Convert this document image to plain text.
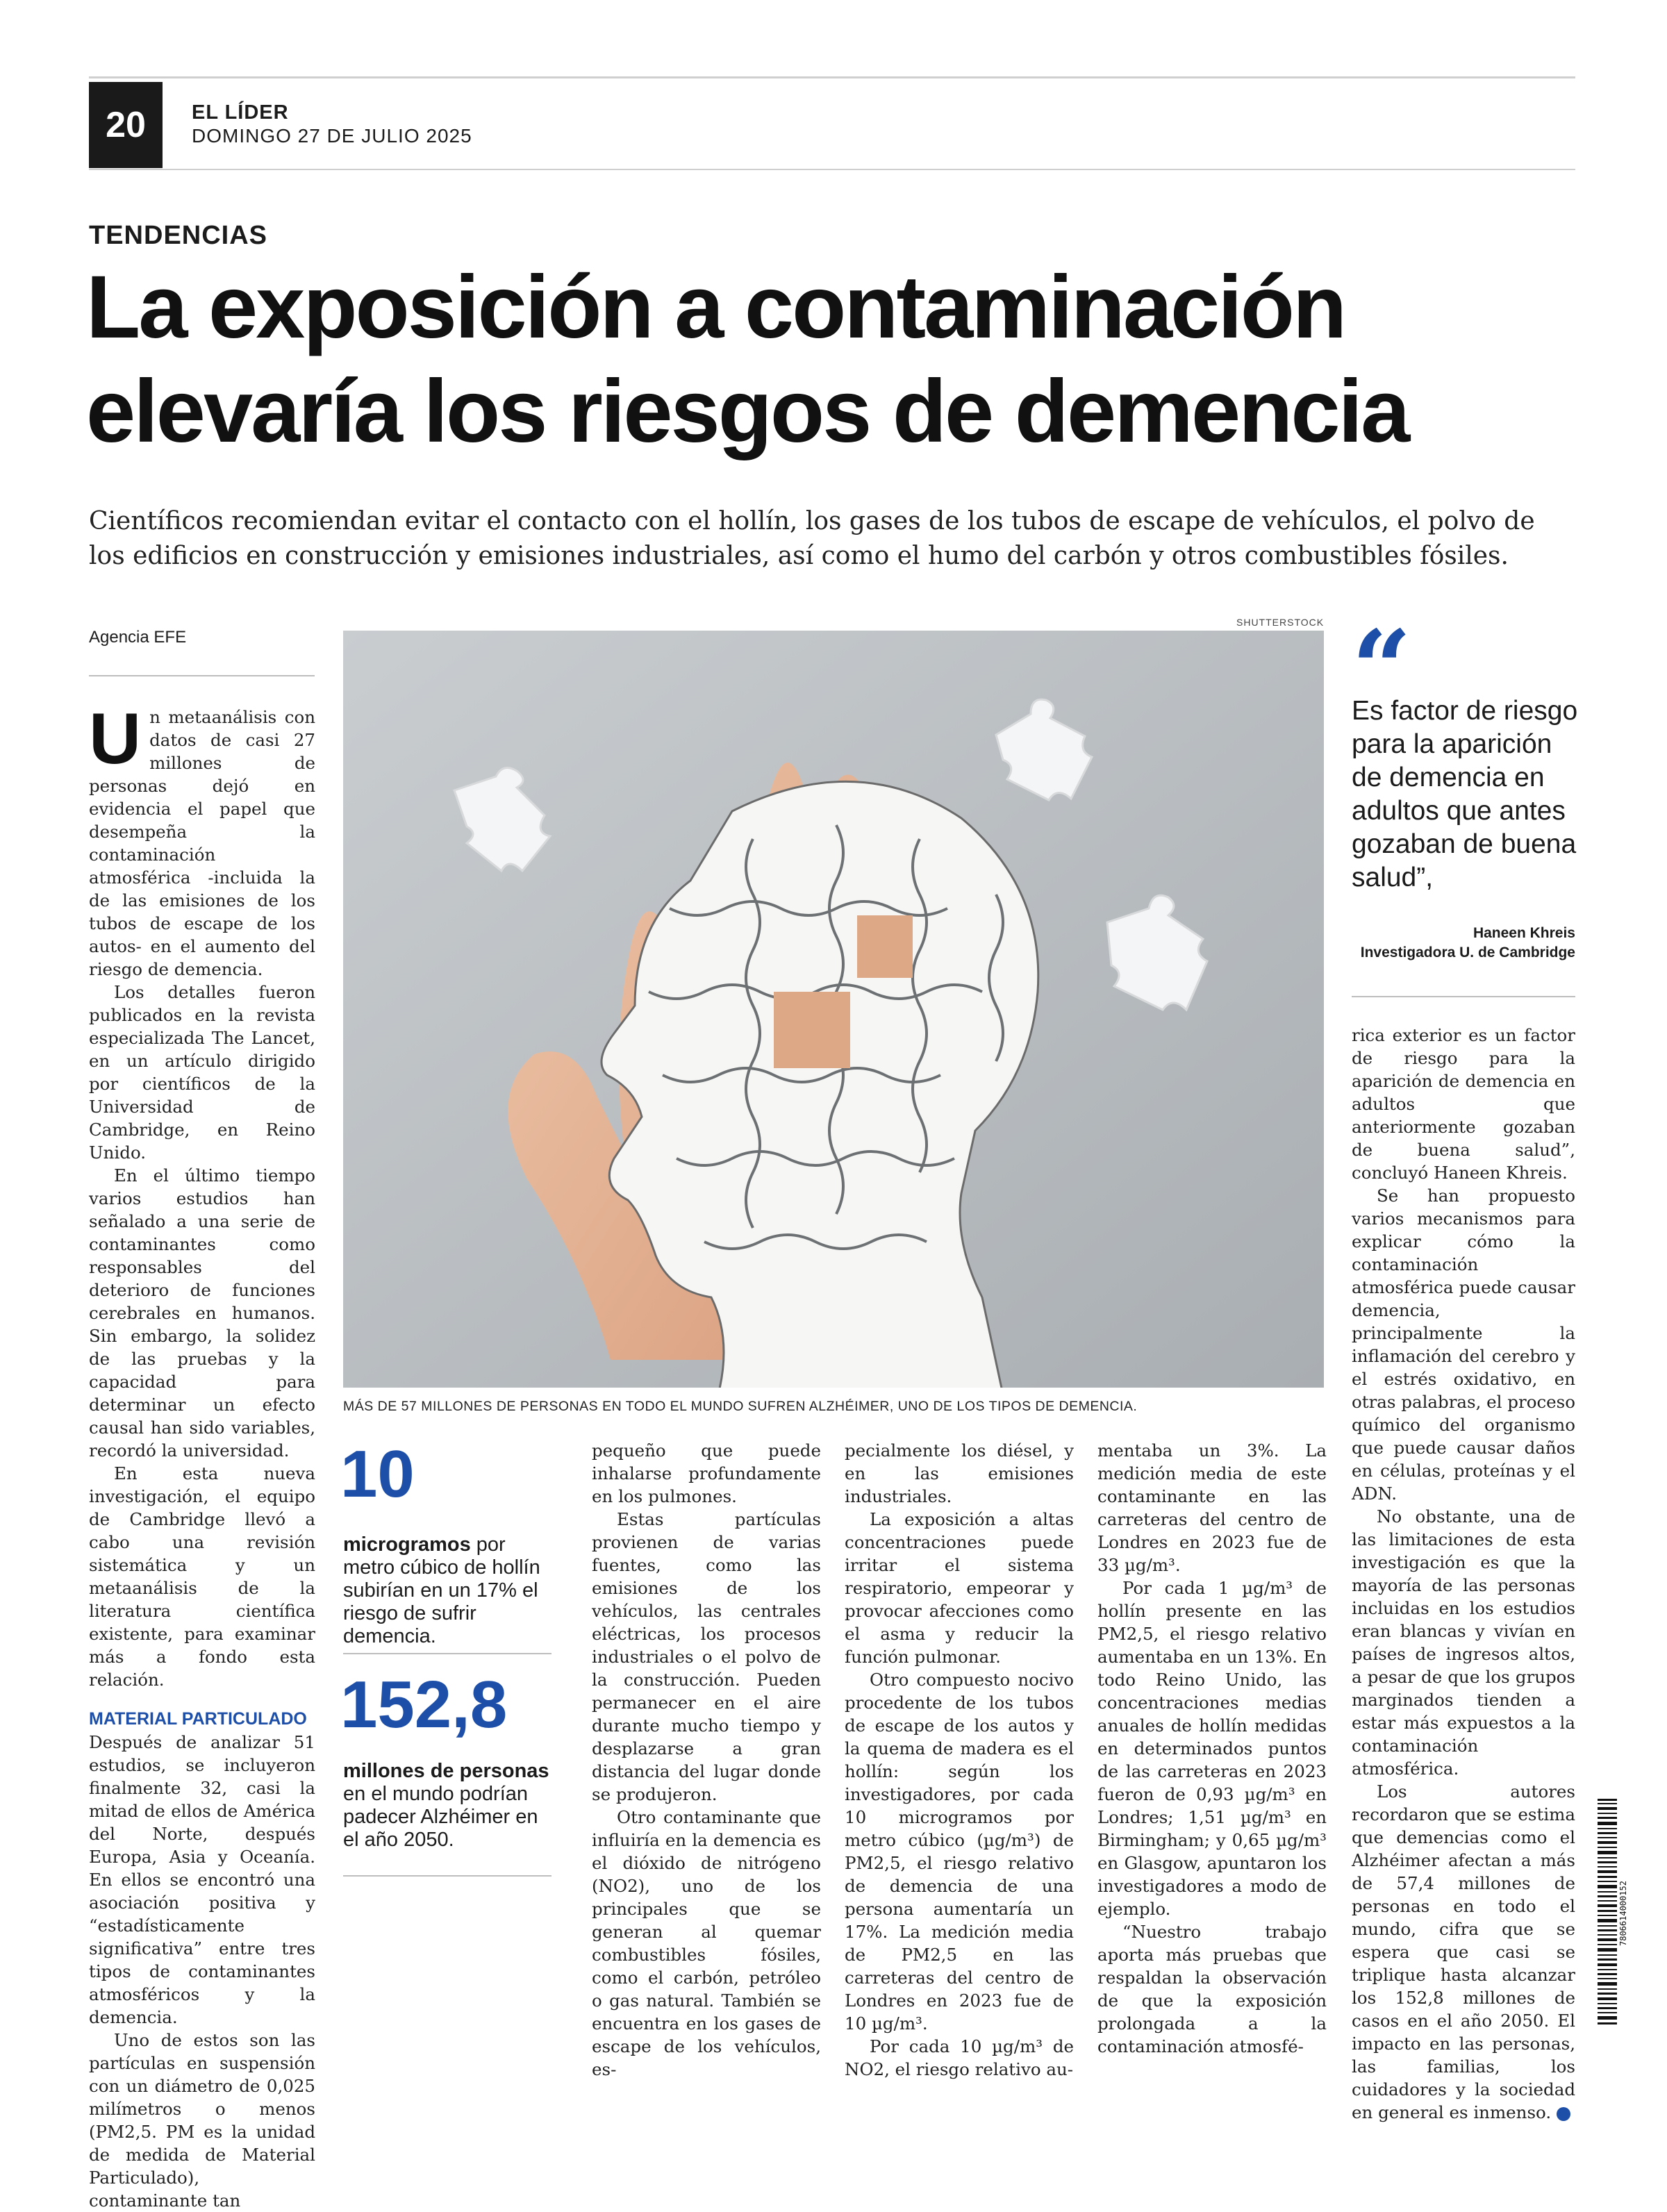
20	EL LÍDER
DOMINGO 27 DE JULIO 2025
TENDENCIAS
La exposición a contaminación elevaría los riesgos de demencia
Científicos recomiendan evitar el contacto con el hollín, los gases de los tubos de escape de vehículos, el polvo de los edificios en construcción y emisiones industriales, así como el humo del carbón y otros combustibles fósiles.
Agencia EFE
U n metaanálisis con datos de casi 27 millones de personas dejó en evidencia el papel que desempeña la contaminación atmosférica -incluida la de las emisiones de los tubos de escape de los autos- en el aumento del riesgo de demencia.

Los detalles fueron publicados en la revista especializada The Lancet, en un artículo dirigido por científicos de la Universidad de Cambridge, en Reino Unido.

En el último tiempo varios estudios han señalado a una serie de contaminantes como responsables del deterioro de funciones cerebrales en humanos. Sin embargo, la solidez de las pruebas y la capacidad para determinar un efecto causal han sido variables, recordó la universidad.

En esta nueva investigación, el equipo de Cambridge llevó a cabo una revisión sistemática y un metaanálisis de la literatura científica existente, para examinar más a fondo esta relación.

MATERIAL PARTICULADO

Después de analizar 51 estudios, se incluyeron finalmente 32, casi la mitad de ellos de América del Norte, después Europa, Asia y Oceanía. En ellos se encontró una asociación positiva y “estadísticamente significativa” entre tres tipos de contaminantes atmosféricos y la demencia.

Uno de estos son las partículas en suspensión con un diámetro de 0,025 milímetros o menos (PM2,5. PM es la unidad de medida de Material Particulado), contaminante tan

SHUTTERSTOCK
MÁS DE 57 MILLONES DE PERSONAS EN TODO EL MUNDO SUFREN ALZHÉIMER, UNO DE LOS TIPOS DE DEMENCIA.
“
Es factor de riesgo para la aparición de demencia en adultos que antes gozaban de buena salud”,
Haneen Khreis
Investigadora U. de Cambridge
10
microgramos por metro cúbico de hollín subirían en un 17% el riesgo de sufrir demencia.
152,8
millones de personas en el mundo podrían padecer Alzhéimer en el año 2050.

pequeño que puede inhalarse profundamente en los pulmones.

Estas partículas provienen de varias fuentes, como las emisiones de los vehículos, las centrales eléctricas, los procesos industriales o el polvo de la construcción. Pueden permanecer en el aire durante mucho tiempo y desplazarse a gran distancia del lugar donde se produjeron.

Otro contaminante que influiría en la demencia es el dióxido de nitrógeno (NO2), uno de los principales que se generan al quemar combustibles fósiles, como el carbón, petróleo o gas natural. También se encuentra en los gases de escape de los vehículos, es-

pecialmente los diésel, y en las emisiones industriales.

La exposición a altas concentraciones puede irritar el sistema respiratorio, empeorar y provocar afecciones como el asma y reducir la función pulmonar.

Otro compuesto nocivo procedente de los tubos de escape de los autos y la quema de madera es el hollín: según los investigadores, por cada 10 microgramos por metro cúbico (µg/m³) de PM2,5, el riesgo relativo de demencia de una persona aumentaría un 17%. La medición media de PM2,5 en las carreteras del centro de Londres en 2023 fue de 10 µg/m³.

Por cada 10 µg/m³ de NO2, el riesgo relativo au-

mentaba un 3%. La medición media de este contaminante en las carreteras del centro de Londres en 2023 fue de 33 µg/m³.

Por cada 1 µg/m³ de hollín presente en las PM2,5, el riesgo relativo aumentaba en un 13%. En todo Reino Unido, las concentraciones medias anuales de hollín medidas en determinados puntos de las carreteras en 2023 fueron de 0,93 µg/m³ en Londres; 1,51 µg/m³ en Birmingham; y 0,65 µg/m³ en Glasgow, apuntaron los investigadores a modo de ejemplo.

“Nuestro trabajo aporta más pruebas que respaldan la observación de que la exposición prolongada a la contaminación atmosfé-

rica exterior es un factor de riesgo para la aparición de demencia en adultos que anteriormente gozaban de buena salud”, concluyó Haneen Khreis.

Se han propuesto varios mecanismos para explicar cómo la contaminación atmosférica puede causar demencia, principalmente la inflamación del cerebro y el estrés oxidativo, en otras palabras, el proceso químico del organismo que puede causar daños en células, proteínas y el ADN.

No obstante, una de las limitaciones de esta investigación es que la mayoría de las personas incluidas en los estudios eran blancas y vivían en países de ingresos altos, a pesar de que los grupos marginados tienden a estar más expuestos a la contaminación atmosférica.

Los autores recordaron que se estima que demencias como el Alzhéimer afectan a más de 57,4 millones de personas en todo el mundo, cifra que se espera que casi se triplique hasta alcanzar los 152,8 millones de casos en el año 2050. El impacto en las personas, las familias, los cuidadores y la sociedad en general es inmenso.	✚

7806614000152
